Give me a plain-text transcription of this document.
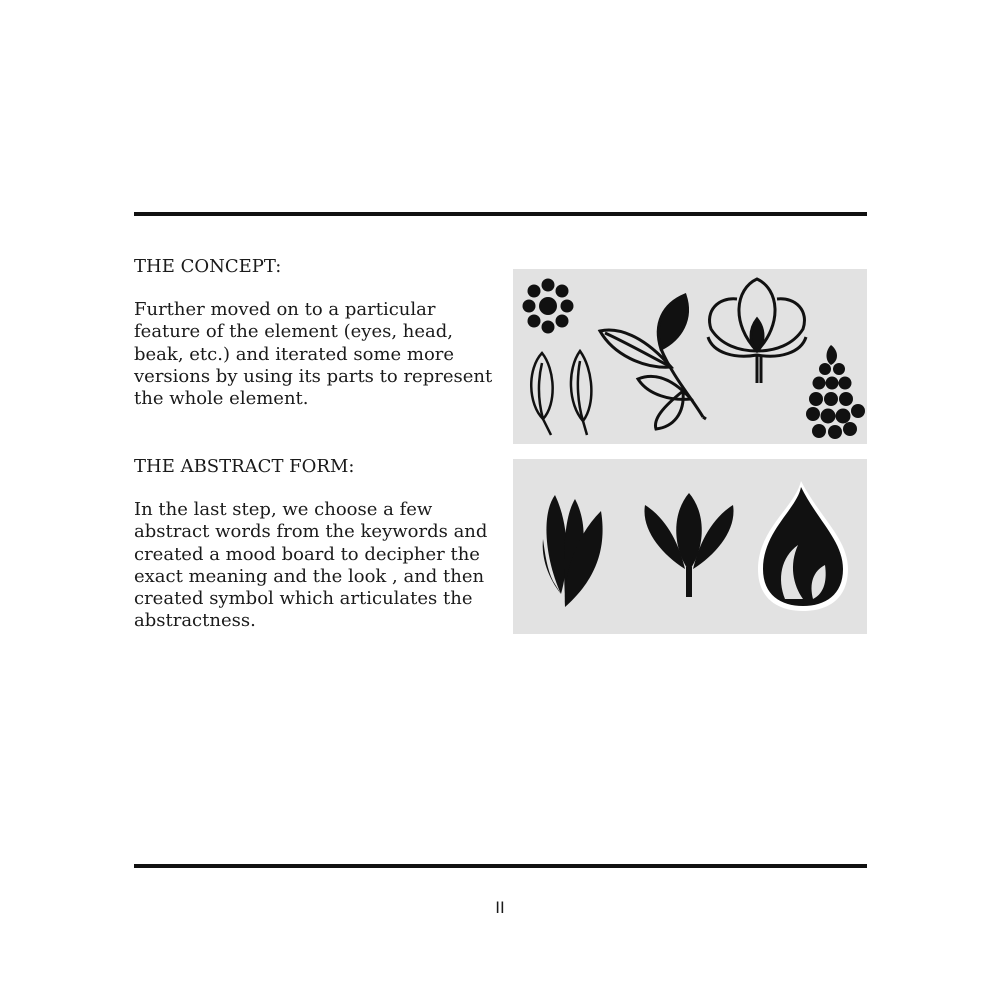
THE CONCEPT:

Further moved on to a particular feature of the element (eyes, head, beak, etc.) and iterated some more versions by using its parts to represent the whole element.

THE ABSTRACT FORM:

In the last step, we choose a few abstract words from the keywords and created a mood board to decipher the exact meaning and the look , and then created symbol which articulates the abstractness.

II
